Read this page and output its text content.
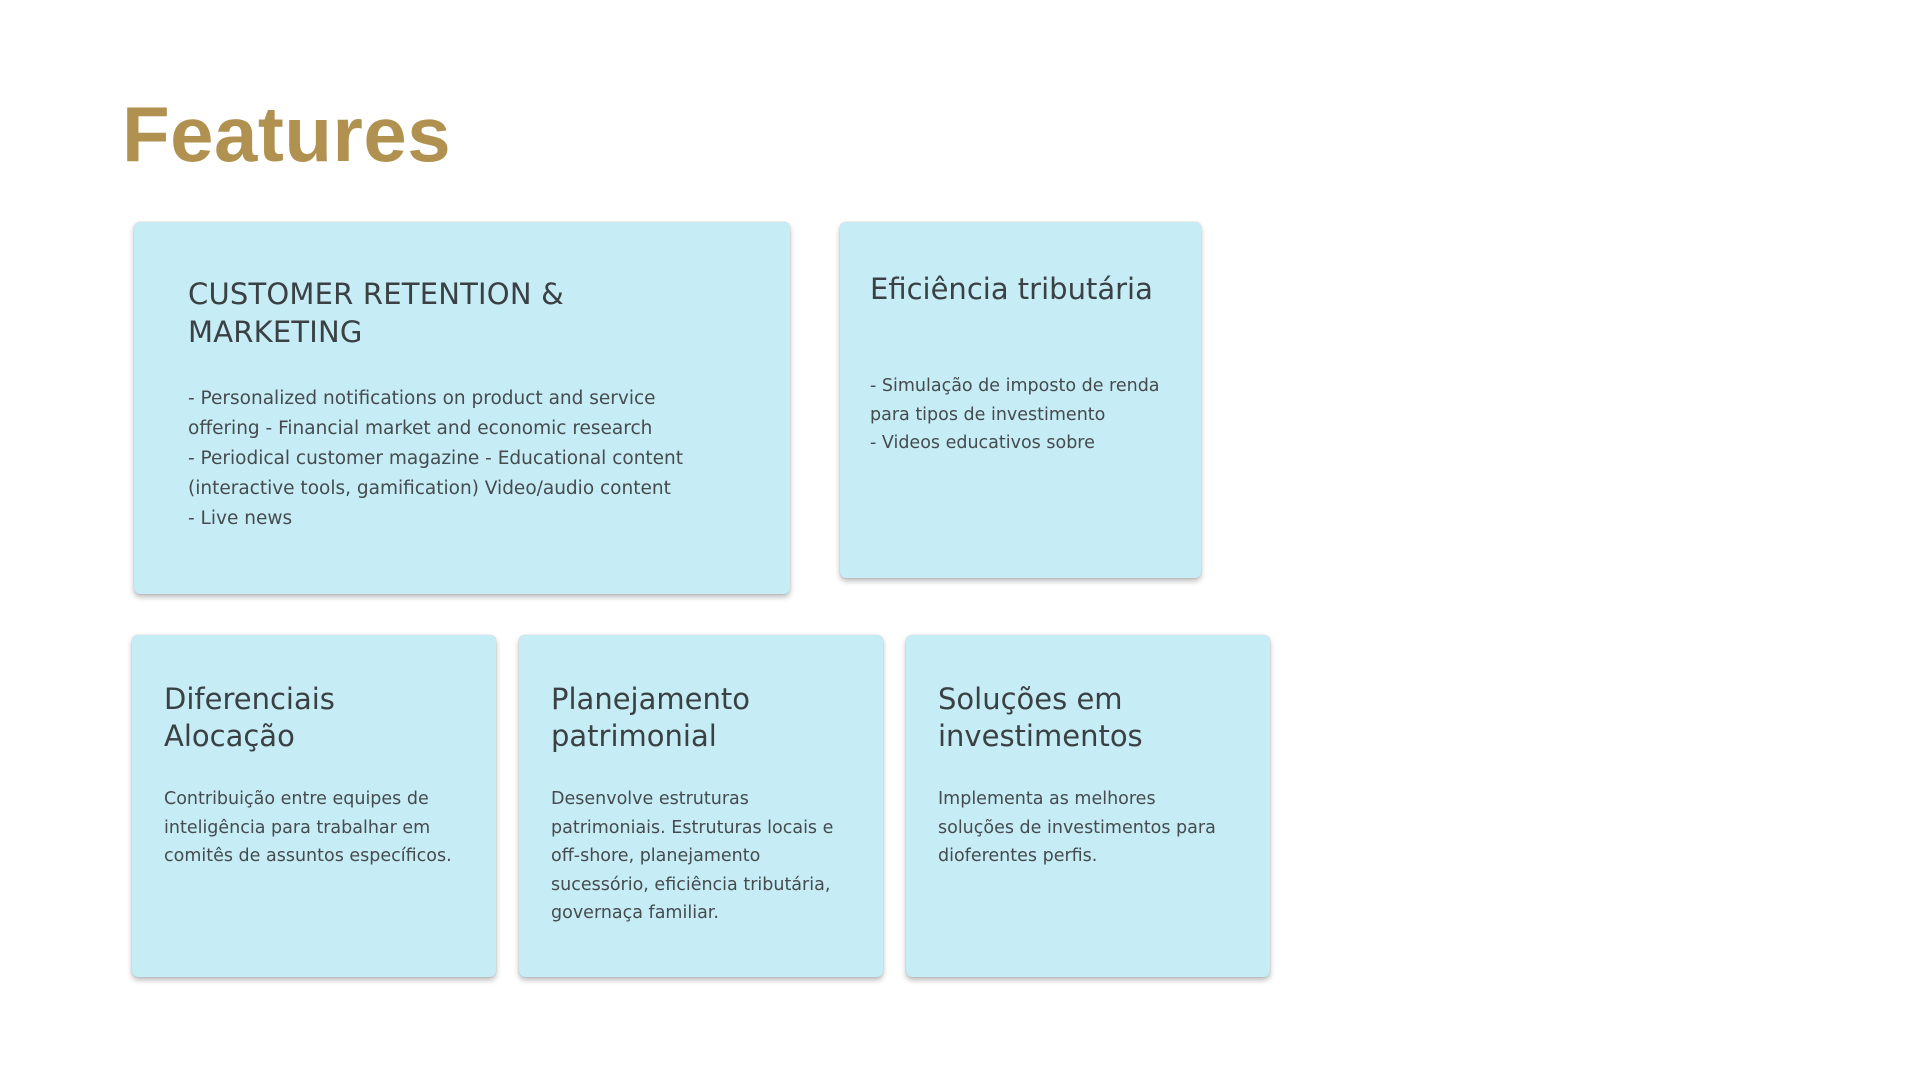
Features

CUSTOMER RETENTION &
MARKETING

- Personalized notifications on product and service
offering - Financial market and economic research
- Periodical customer magazine - Educational content
(interactive tools, gamification) Video/audio content
- Live news

Eficiência tributária

- Simulação de imposto de renda
para tipos de investimento
- Videos educativos sobre

Diferenciais
Alocação

Contribuição entre equipes de
inteligência para trabalhar em
comitês de assuntos específicos.

Planejamento
patrimonial

Desenvolve estruturas
patrimoniais. Estruturas locais e
off-shore, planejamento
sucessório, eficiência tributária,
governaça familiar.

Soluções em
investimentos

Implementa as melhores
soluções de investimentos para
dioferentes perfis.
